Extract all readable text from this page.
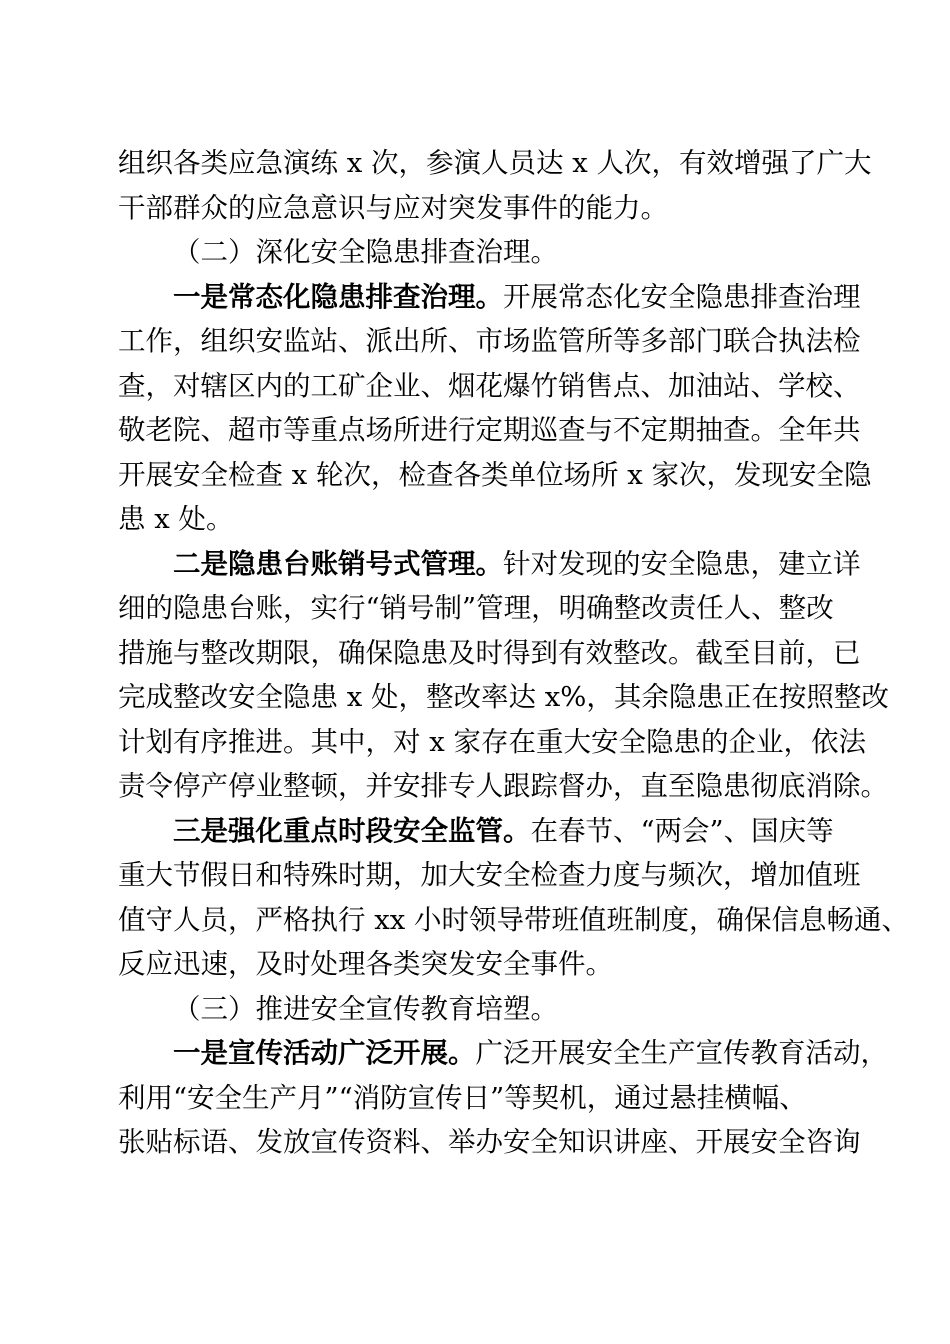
组织各类应急演练 x 次，参演人员达 x 人次，有效增强了广大
干部群众的应急意识与应对突发事件的能力。
（二）深化安全隐患排查治理。
一是常态化隐患排查治理。开展常态化安全隐患排查治理
工作，组织安监站、派出所、市场监管所等多部门联合执法检
查，对辖区内的工矿企业、烟花爆竹销售点、加油站、学校、
敬老院、超市等重点场所进行定期巡查与不定期抽查。全年共
开展安全检查 x 轮次，检查各类单位场所 x 家次，发现安全隐
患 x 处。
二是隐患台账销号式管理。针对发现的安全隐患，建立详
细的隐患台账，实行“销号制”管理，明确整改责任人、整改
措施与整改期限，确保隐患及时得到有效整改。截至目前，已
完成整改安全隐患 x 处，整改率达 x%，其余隐患正在按照整改
计划有序推进。其中，对 x 家存在重大安全隐患的企业，依法
责令停产停业整顿，并安排专人跟踪督办，直至隐患彻底消除。
三是强化重点时段安全监管。在春节、“两会”、国庆等
重大节假日和特殊时期，加大安全检查力度与频次，增加值班
值守人员，严格执行 xx 小时领导带班值班制度，确保信息畅通、
反应迅速，及时处理各类突发安全事件。
（三）推进安全宣传教育培塑。
一是宣传活动广泛开展。广泛开展安全生产宣传教育活动，
利用“安全生产月”“消防宣传日”等契机，通过悬挂横幅、
张贴标语、发放宣传资料、举办安全知识讲座、开展安全咨询
